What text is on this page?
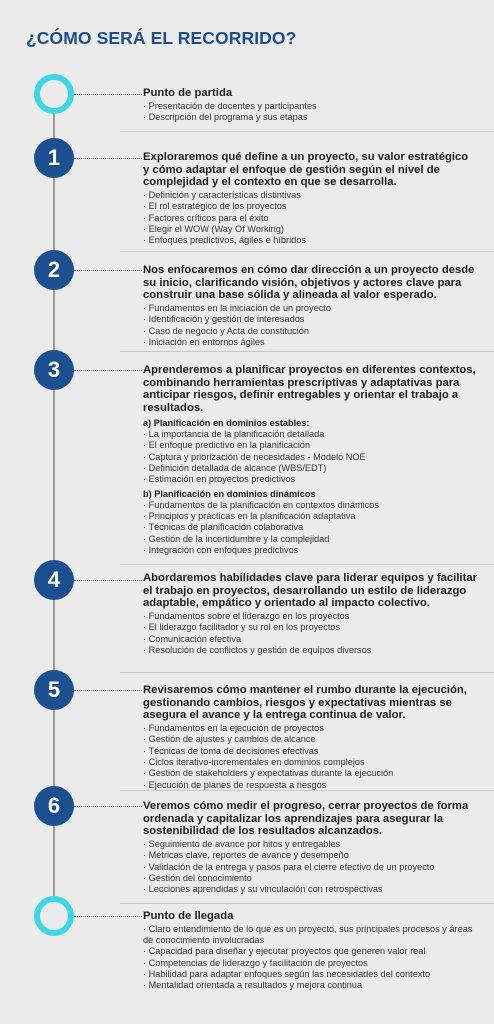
¿CÓMO SERÁ EL RECORRIDO?
Punto de partida
· Presentación de docentes y participantes
· Descripción del programa y sus etapas
1	Exploraremos qué define a un proyecto, su valor estratégico y cómo adaptar el enfoque de gestión según el nivel de complejidad y el contexto en que se desarrolla.
· Definición y características distintivas
· El rol estratégico de los proyectos
· Factores críticos para el éxito
· Elegir el WOW (Way Of Working)
· Enfoques predictivos, ágiles e híbridos
2	Nos enfocaremos en cómo dar dirección a un proyecto desde su inicio, clarificando visión, objetivos y actores clave para construir una base sólida y alineada al valor esperado.
· Fundamentos en la iniciación de un proyecto
· Identificación y gestión de interesados
· Caso de negocio y Acta de constitución
· Iniciación en entornos ágiles
3	Aprenderemos a planificar proyectos en diferentes contextos, combinando herramientas prescriptivas y adaptativas para anticipar riesgos, definir entregables y orientar el trabajo a resultados.
a) Planificación en dominios estables:
· La importancia de la planificación detallada
· El enfoque predictivo en la planificación
· Captura y priorización de necesidades - Modelo NOE
· Definición detallada de alcance (WBS/EDT)
· Estimación en proyectos predictivos
b) Planificación en dominios dinámicos
· Fundamentos de la planificación en contextos dinámicos
· Principios y prácticas en la planificación adaptativa
· Técnicas de planificación colaborativa
· Gestión de la incertidumbre y la complejidad
· Integración con enfoques predictivos
4	Abordaremos habilidades clave para liderar equipos y facilitar el trabajo en proyectos, desarrollando un estilo de liderazgo adaptable, empático y orientado al impacto colectivo.
· Fundamentos sobre el liderazgo en los proyectos
· El liderazgo facilitador y su rol en los proyectos
· Comunicación efectiva
· Resolución de conflictos y gestión de equipos diversos
5	Revisaremos cómo mantener el rumbo durante la ejecución, gestionando cambios, riesgos y expectativas mientras se asegura el avance y la entrega continua de valor.
· Fundamentos en la ejecución de proyectos
· Gestión de ajustes y cambios de alcance
· Técnicas de toma de decisiones efectivas
· Ciclos iterativo-incrementales en dominios complejos
· Gestión de stakeholders y expectativas durante la ejecución
· Ejecución de planes de respuesta a riesgos
6	Veremos cómo medir el progreso, cerrar proyectos de forma ordenada y capitalizar los aprendizajes para asegurar la sostenibilidad de los resultados alcanzados.
· Seguimiento de avance por hitos y entregables
· Métricas clave, reportes de avance y desempeño
· Validación de la entrega y pasos para el cierre efectivo de un proyecto
· Gestión del conocimiento
· Lecciones aprendidas y su vinculación con retrospectivas
Punto de llegada
· Claro entendimiento de lo que es un proyecto, sus principales procesos y áreas de conocimiento involucradas
· Capacidad para diseñar y ejecutar proyectos que generen valor real
· Competencias de liderazgo y facilitación de proyectos
· Habilidad para adaptar enfoques según las necesidades del contexto
· Mentalidad orientada a resultados y mejora continua
